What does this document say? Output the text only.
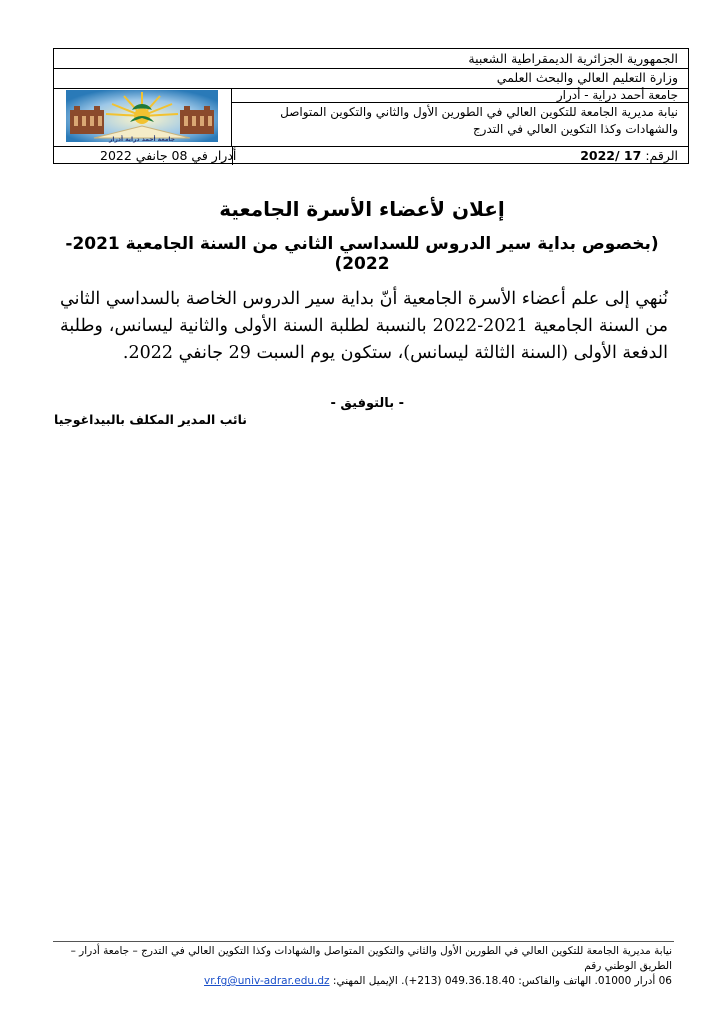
الجمهورية الجزائرية الديمقراطية الشعبية
وزارة التعليم العالي والبحث العلمي
جامعة أحمد دراية أدرار
جامعة أحمد دراية - أدرار
نيابة مديرية الجامعة للتكوين العالي في الطورين الأول والثاني والتكوين المتواصل والشهادات وكذا التكوين العالي في التدرج
الرقم: 17 /2022
أدرار في 08 جانفي 2022
إعلان لأعضاء الأسرة الجامعية
(بخصوص بداية سير الدروس للسداسي الثاني من السنة الجامعية 2021-2022)
نُنهي إلى علم أعضاء الأسرة الجامعية أنّ بداية سير الدروس الخاصة بالسداسي الثاني من السنة الجامعية 2021-2022 بالنسبة لطلبة السنة الأولى والثانية ليسانس، وطلبة الدفعة الأولى (السنة الثالثة ليسانس)، ستكون يوم السبت 29 جانفي 2022.
- بالتوفيق -
نائب المدير المكلف بالبيداغوجيا
نيابة مديرية الجامعة للتكوين العالي في الطورين الأول والثاني والتكوين المتواصل والشهادات وكذا التكوين العالي في التدرج – جامعة أدرار – الطريق الوطني رقم
06 أدرار 01000. الهاتف والفاكس: 049.36.18.40 (213+). الإيميل المهني: vr.fg@univ-adrar.edu.dz
